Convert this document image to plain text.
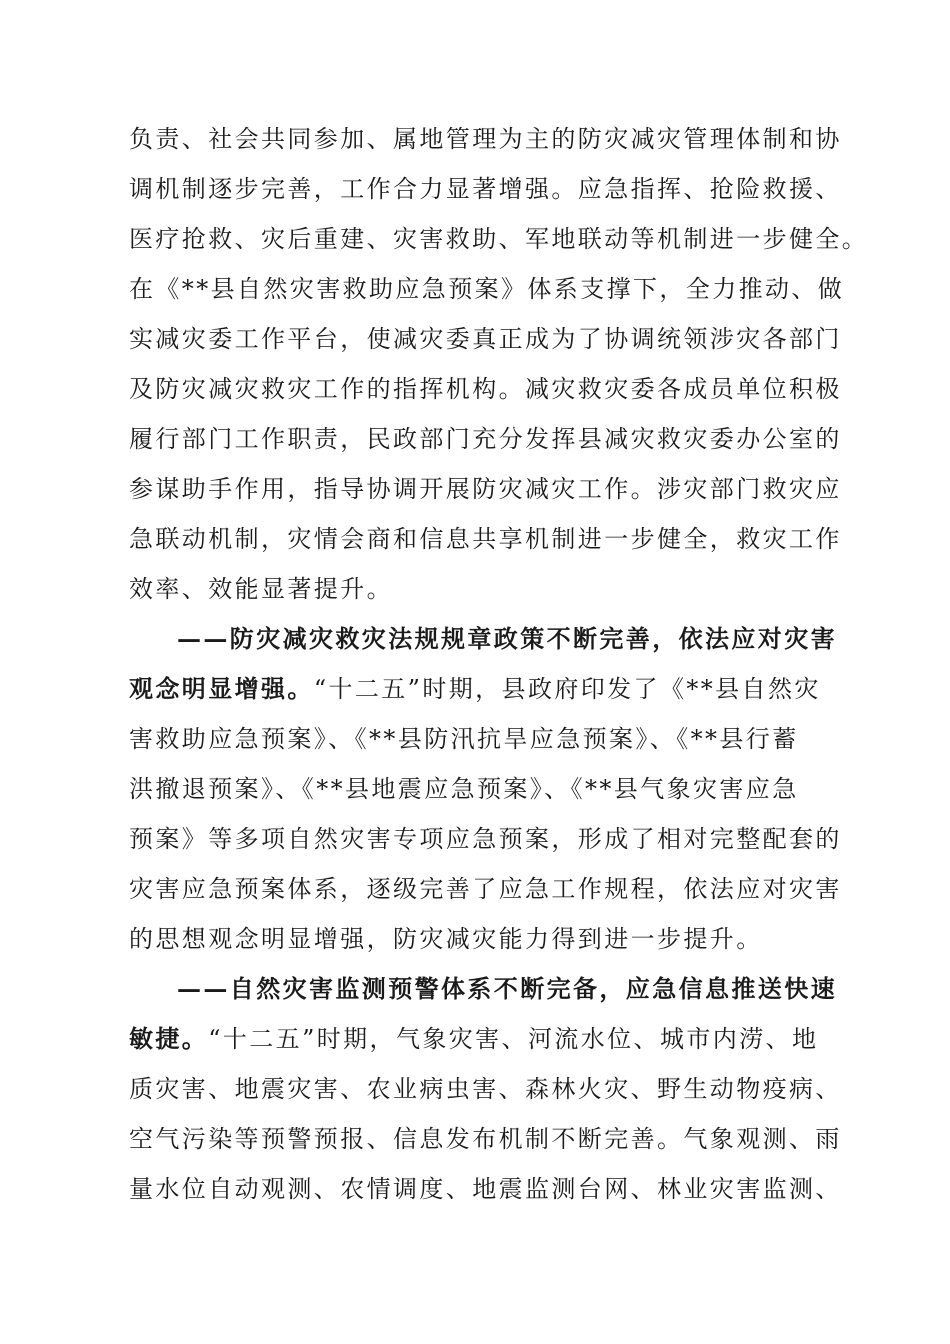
负责、社会共同参加、属地管理为主的防灾减灾管理体制和协
调机制逐步完善，工作合力显著增强。应急指挥、抢险救援、
医疗抢救、灾后重建、灾害救助、军地联动等机制进一步健全。
在《**县自然灾害救助应急预案》体系支撑下，全力推动、做
实减灾委工作平台，使减灾委真正成为了协调统领涉灾各部门
及防灾减灾救灾工作的指挥机构。减灾救灾委各成员单位积极
履行部门工作职责，民政部门充分发挥县减灾救灾委办公室的
参谋助手作用，指导协调开展防灾减灾工作。涉灾部门救灾应
急联动机制，灾情会商和信息共享机制进一步健全，救灾工作
效率、效能显著提升。
——防灾减灾救灾法规规章政策不断完善，依法应对灾害
观念明显增强。“十二五”时期，县政府印发了《**县自然灾
害救助应急预案》、《**县防汛抗旱应急预案》、《**县行蓄
洪撤退预案》、《**县地震应急预案》、《**县气象灾害应急
预案》等多项自然灾害专项应急预案，形成了相对完整配套的
灾害应急预案体系，逐级完善了应急工作规程，依法应对灾害
的思想观念明显增强，防灾减灾能力得到进一步提升。
——自然灾害监测预警体系不断完备，应急信息推送快速
敏捷。“十二五”时期，气象灾害、河流水位、城市内涝、地
质灾害、地震灾害、农业病虫害、森林火灾、野生动物疫病、
空气污染等预警预报、信息发布机制不断完善。气象观测、雨
量水位自动观测、农情调度、地震监测台网、林业灾害监测、
